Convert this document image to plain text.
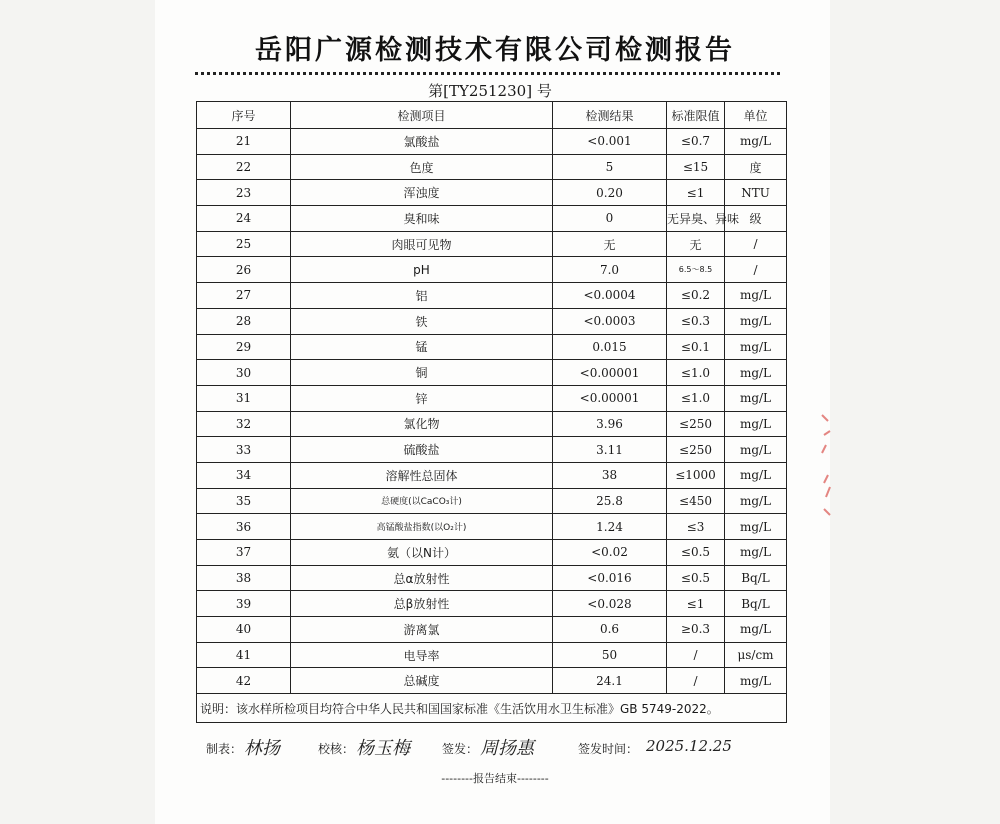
岳阳广源检测技术有限公司检测报告
第[TY251230] 号
序号	检测项目	检测结果	标准限值	单位
21	氯酸盐	<0.001	≤0.7	mg/L
22	色度	5	≤15	度
23	浑浊度	0.20	≤1	NTU
24	臭和味	0	无异臭、异味	级
25	肉眼可见物	无	无	/
26	pH	7.0	6.5～8.5	/
27	铝	<0.0004	≤0.2	mg/L
28	铁	<0.0003	≤0.3	mg/L
29	锰	0.015	≤0.1	mg/L
30	铜	<0.00001	≤1.0	mg/L
31	锌	<0.00001	≤1.0	mg/L
32	氯化物	3.96	≤250	mg/L
33	硫酸盐	3.11	≤250	mg/L
34	溶解性总固体	38	≤1000	mg/L
35	总硬度(以CaCO₃计)	25.8	≤450	mg/L
36	高锰酸盐指数(以O₂计)	1.24	≤3	mg/L
37	氨（以N计）	<0.02	≤0.5	mg/L
38	总α放射性	<0.016	≤0.5	Bq/L
39	总β放射性	<0.028	≤1	Bq/L
40	游离氯	0.6	≥0.3	mg/L
41	电导率	50	/	μs/cm
42	总碱度	24.1	/	mg/L
说明：该水样所检项目均符合中华人民共和国国家标准《生活饮用水卫生标准》GB 5749-2022。				
制表： 林扬	校核： 杨玉梅	签发： 周扬惠	签发时间： 2025.12.25
--------报告结束--------
